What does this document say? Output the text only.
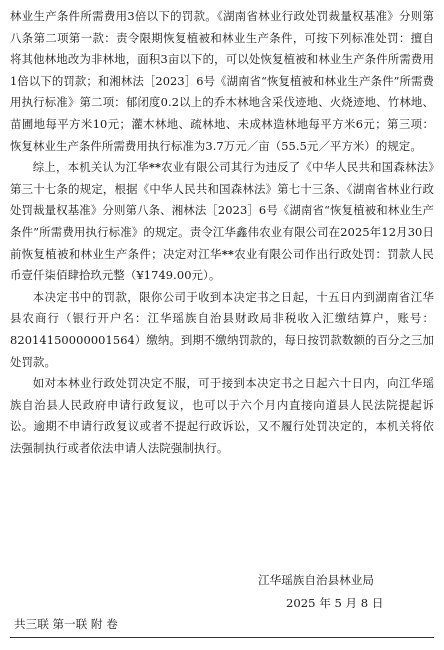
林业生产条件所需费用3倍以下的罚款。《湖南省林业行政处罚裁量权基准》分则第八条第二项第一款：责令限期恢复植被和林业生产条件，可按下列标准处罚：擅自将其他林地改为非林地，面积3亩以下的，可以处恢复植被和林业生产条件所需费用1倍以下的罚款；和湘林法［2023］6号《湖南省“恢复植被和林业生产条件”所需费用执行标准》第二项：郁闭度0.2以上的乔木林地含采伐迹地、火烧迹地、竹林地、苗圃地每平方米10元；灌木林地、疏林地、未成林造林地每平方米6元；第三项：恢复林业生产条件所需费用执行标准为3.7万元／亩（55.5元／平方米）的规定。

综上，本机关认为江华**农业有限公司其行为违反了《中华人民共和国森林法》第三十七条的规定，根据《中华人民共和国森林法》第七十三条、《湖南省林业行政处罚裁量权基准》分则第八条、湘林法［2023］6号《湖南省“恢复植被和林业生产条件”所需费用执行标准》的规定。责令江华鑫伟农业有限公司在2025年12月30日前恢复植被和林业生产条件；决定对江华**农业有限公司作出行政处罚：罚款人民币壹仟柒佰肆拾玖元整（¥1749.00元）。

本决定书中的罚款，限你公司于收到本决定书之日起，十五日内到湖南省江华县农商行（银行开户名：江华瑶族自治县财政局非税收入汇缴结算户，账号：82014150000001564）缴纳。到期不缴纳罚款的，每日按罚款数额的百分之三加处罚款。

如对本林业行政处罚决定不服，可于接到本决定书之日起六十日内，向江华瑶族自治县人民政府申请行政复议，也可以于六个月内直接向道县人民法院提起诉讼。逾期不申请行政复议或者不提起行政诉讼，又不履行处罚决定的，本机关将依法强制执行或者依法申请人法院强制执行。

江华瑶族自治县林业局
2025 年 5 月 8 日
共三联 第一联 附 卷
